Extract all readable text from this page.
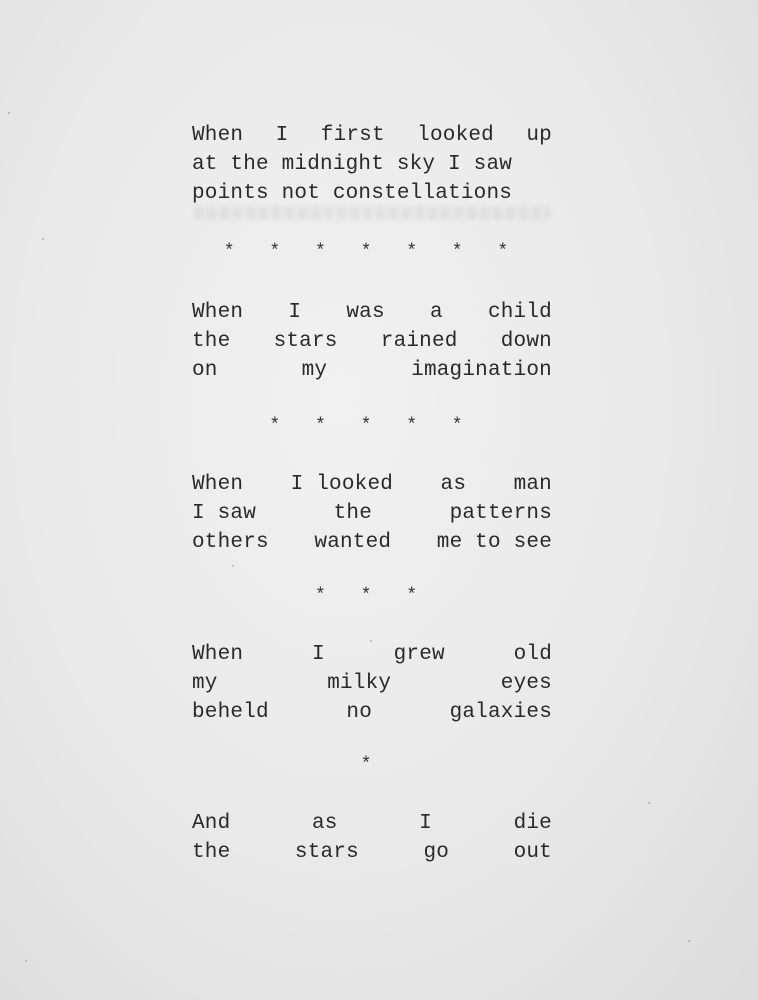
When I first looked up
at the midnight sky I saw
points not constellations
* * * * * * *
When I was a child
the stars rained down
on	my	imagination
* * * * *
When I looked as man
I saw	the	patterns
others wanted me to see
* * *
When	I	grew	old
my	milky	eyes
beheld	no	galaxies
*
And	as	I	die
the	stars	go	out
